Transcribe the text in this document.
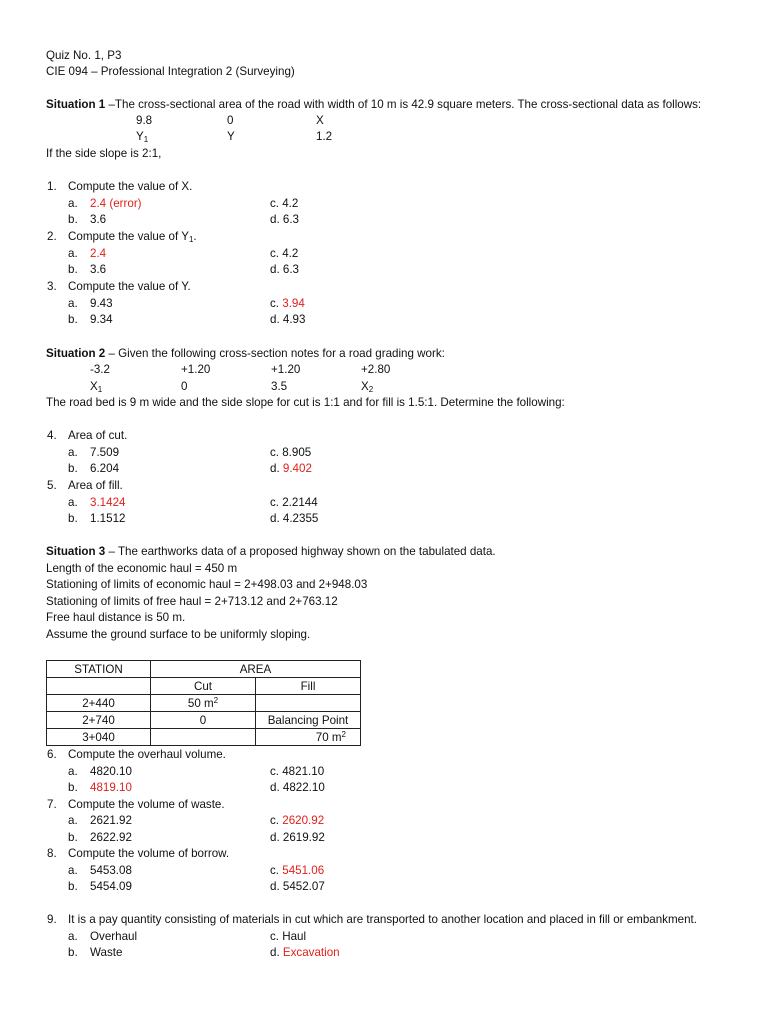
Quiz No. 1, P3
CIE 094 – Professional Integration 2 (Surveying)
Situation 1 –The cross-sectional area of the road with width of 10 m is 42.9 square meters. The cross-sectional data as follows:
9.8	0	X
$Y_1$	Y	1.2
If the side slope is 2:1,
1. Compute the value of X.
a. 2.4 (error)	c. 4.2
b. 3.6	d. 6.3
2. Compute the value of $Y_1$.
a. 2.4	c. 4.2
b. 3.6	d. 6.3
3. Compute the value of Y.
a. 9.43	c. 3.94
b. 9.34	d. 4.93
Situation 2 – Given the following cross-section notes for a road grading work:
-3.2	+1.20	+1.20	+2.80
$X_1$	0	3.5	$X_2$
The road bed is 9 m wide and the side slope for cut is 1:1 and for fill is 1.5:1. Determine the following:
4. Area of cut.
a. 7.509	c. 8.905
b. 6.204	d. 9.402
5. Area of fill.
a. 3.1424	c. 2.2144
b. 1.1512	d. 4.2355
Situation 3 – The earthworks data of a proposed highway shown on the tabulated data.
Length of the economic haul = 450 m
Stationing of limits of economic haul = 2+498.03 and 2+948.03
Stationing of limits of free haul = 2+713.12 and 2+763.12
Free haul distance is 50 m.
Assume the ground surface to be uniformly sloping.
STATION	AREA	
	Cut	Fill
2+440	50 $m^2$	
2+740	0	Balancing Point
3+040		70 $m^2$
6. Compute the overhaul volume.
a. 4820.10	c. 4821.10
b. 4819.10	d. 4822.10
7. Compute the volume of waste.
a. 2621.92	c. 2620.92
b. 2622.92	d. 2619.92
8. Compute the volume of borrow.
a. 5453.08	c. 5451.06
b. 5454.09	d. 5452.07
9. It is a pay quantity consisting of materials in cut which are transported to another location and placed in fill or embankment.
a. Overhaul	c. Haul
b. Waste	d. Excavation
